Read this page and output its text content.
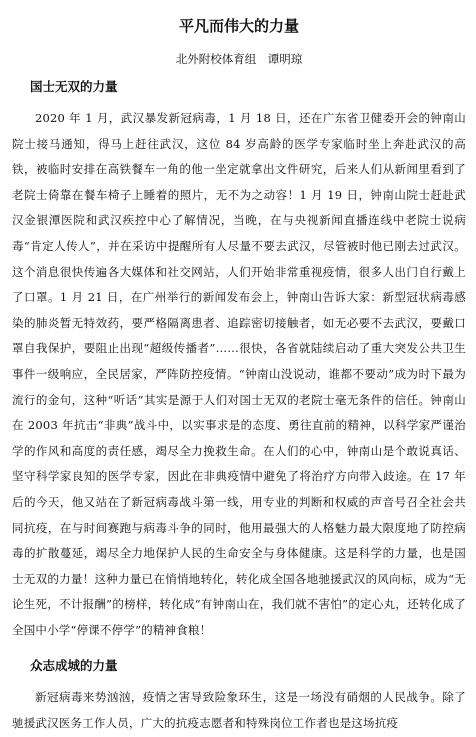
平凡而伟大的力量
北外附校体育组　谭明琼
国士无双的力量

2020 年 1 月，武汉暴发新冠病毒，1 月 18 日，还在广东省卫健委开会的钟南山院士接马通知，得马上赶往武汉，这位 84 岁高龄的医学专家临时坐上奔赴武汉的高铁，被临时安排在高铁餐车一角的他一坐定就拿出文件研究，后来人们从新闻里看到了老院士倚靠在餐车椅子上睡着的照片，无不为之动容！1 月 19 日，钟南山院士赶赴武汉金银潭医院和武汉疾控中心了解情况，当晚，在与央视新闻直播连线中老院士说病毒“肯定人传人”，并在采访中提醒所有人尽量不要去武汉，尽管被时他已刚去过武汉。这个消息很快传遍各大媒体和社交网站，人们开始非常重视疫情，很多人出门自行戴上了口罩。1 月 21 日，在广州举行的新闻发布会上，钟南山告诉大家：新型冠状病毒感染的肺炎暂无特效药，要严格隔离患者、追踪密切接触者，如无必要不去武汉，要戴口罩自我保护，要阻止出现“超级传播者”……很快，各省就陆续启动了重大突发公共卫生事件一级响应，全民居家，严阵防控疫情。“钟南山没说动，谁都不要动”成为时下最为流行的金句，这种“听话”其实是源于人们对国士无双的老院士毫无条件的信任。钟南山在 2003 年抗击“非典”战斗中，以实事求是的态度、勇往直前的精神，以科学家严谨治学的作风和高度的责任感，竭尽全力挽救生命。在人们的心中，钟南山是个敢说真话、坚守科学家良知的医学专家，因此在非典疫情中避免了将治疗方向带入歧途。在 17 年后的今天，他又站在了新冠病毒战斗第一线，用专业的判断和权威的声音号召全社会共同抗疫，在与时间赛跑与病毒斗争的同时，他用最强大的人格魅力最大限度地了防控病毒的扩散蔓延，竭尽全力地保护人民的生命安全与身体健康。这是科学的力量，也是国士无双的力量！这种力量已在悄悄地转化，转化成全国各地驰援武汉的风向标，成为“无论生死，不计报酬”的榜样，转化成“有钟南山在，我们就不害怕”的定心丸，还转化成了全国中小学“停课不停学”的精神食粮！

众志成城的力量

新冠病毒来势汹汹，疫情之害导致险象环生，这是一场没有硝烟的人民战争。除了驰援武汉医务工作人员，广大的抗疫志愿者和特殊岗位工作者也是这场抗疫
